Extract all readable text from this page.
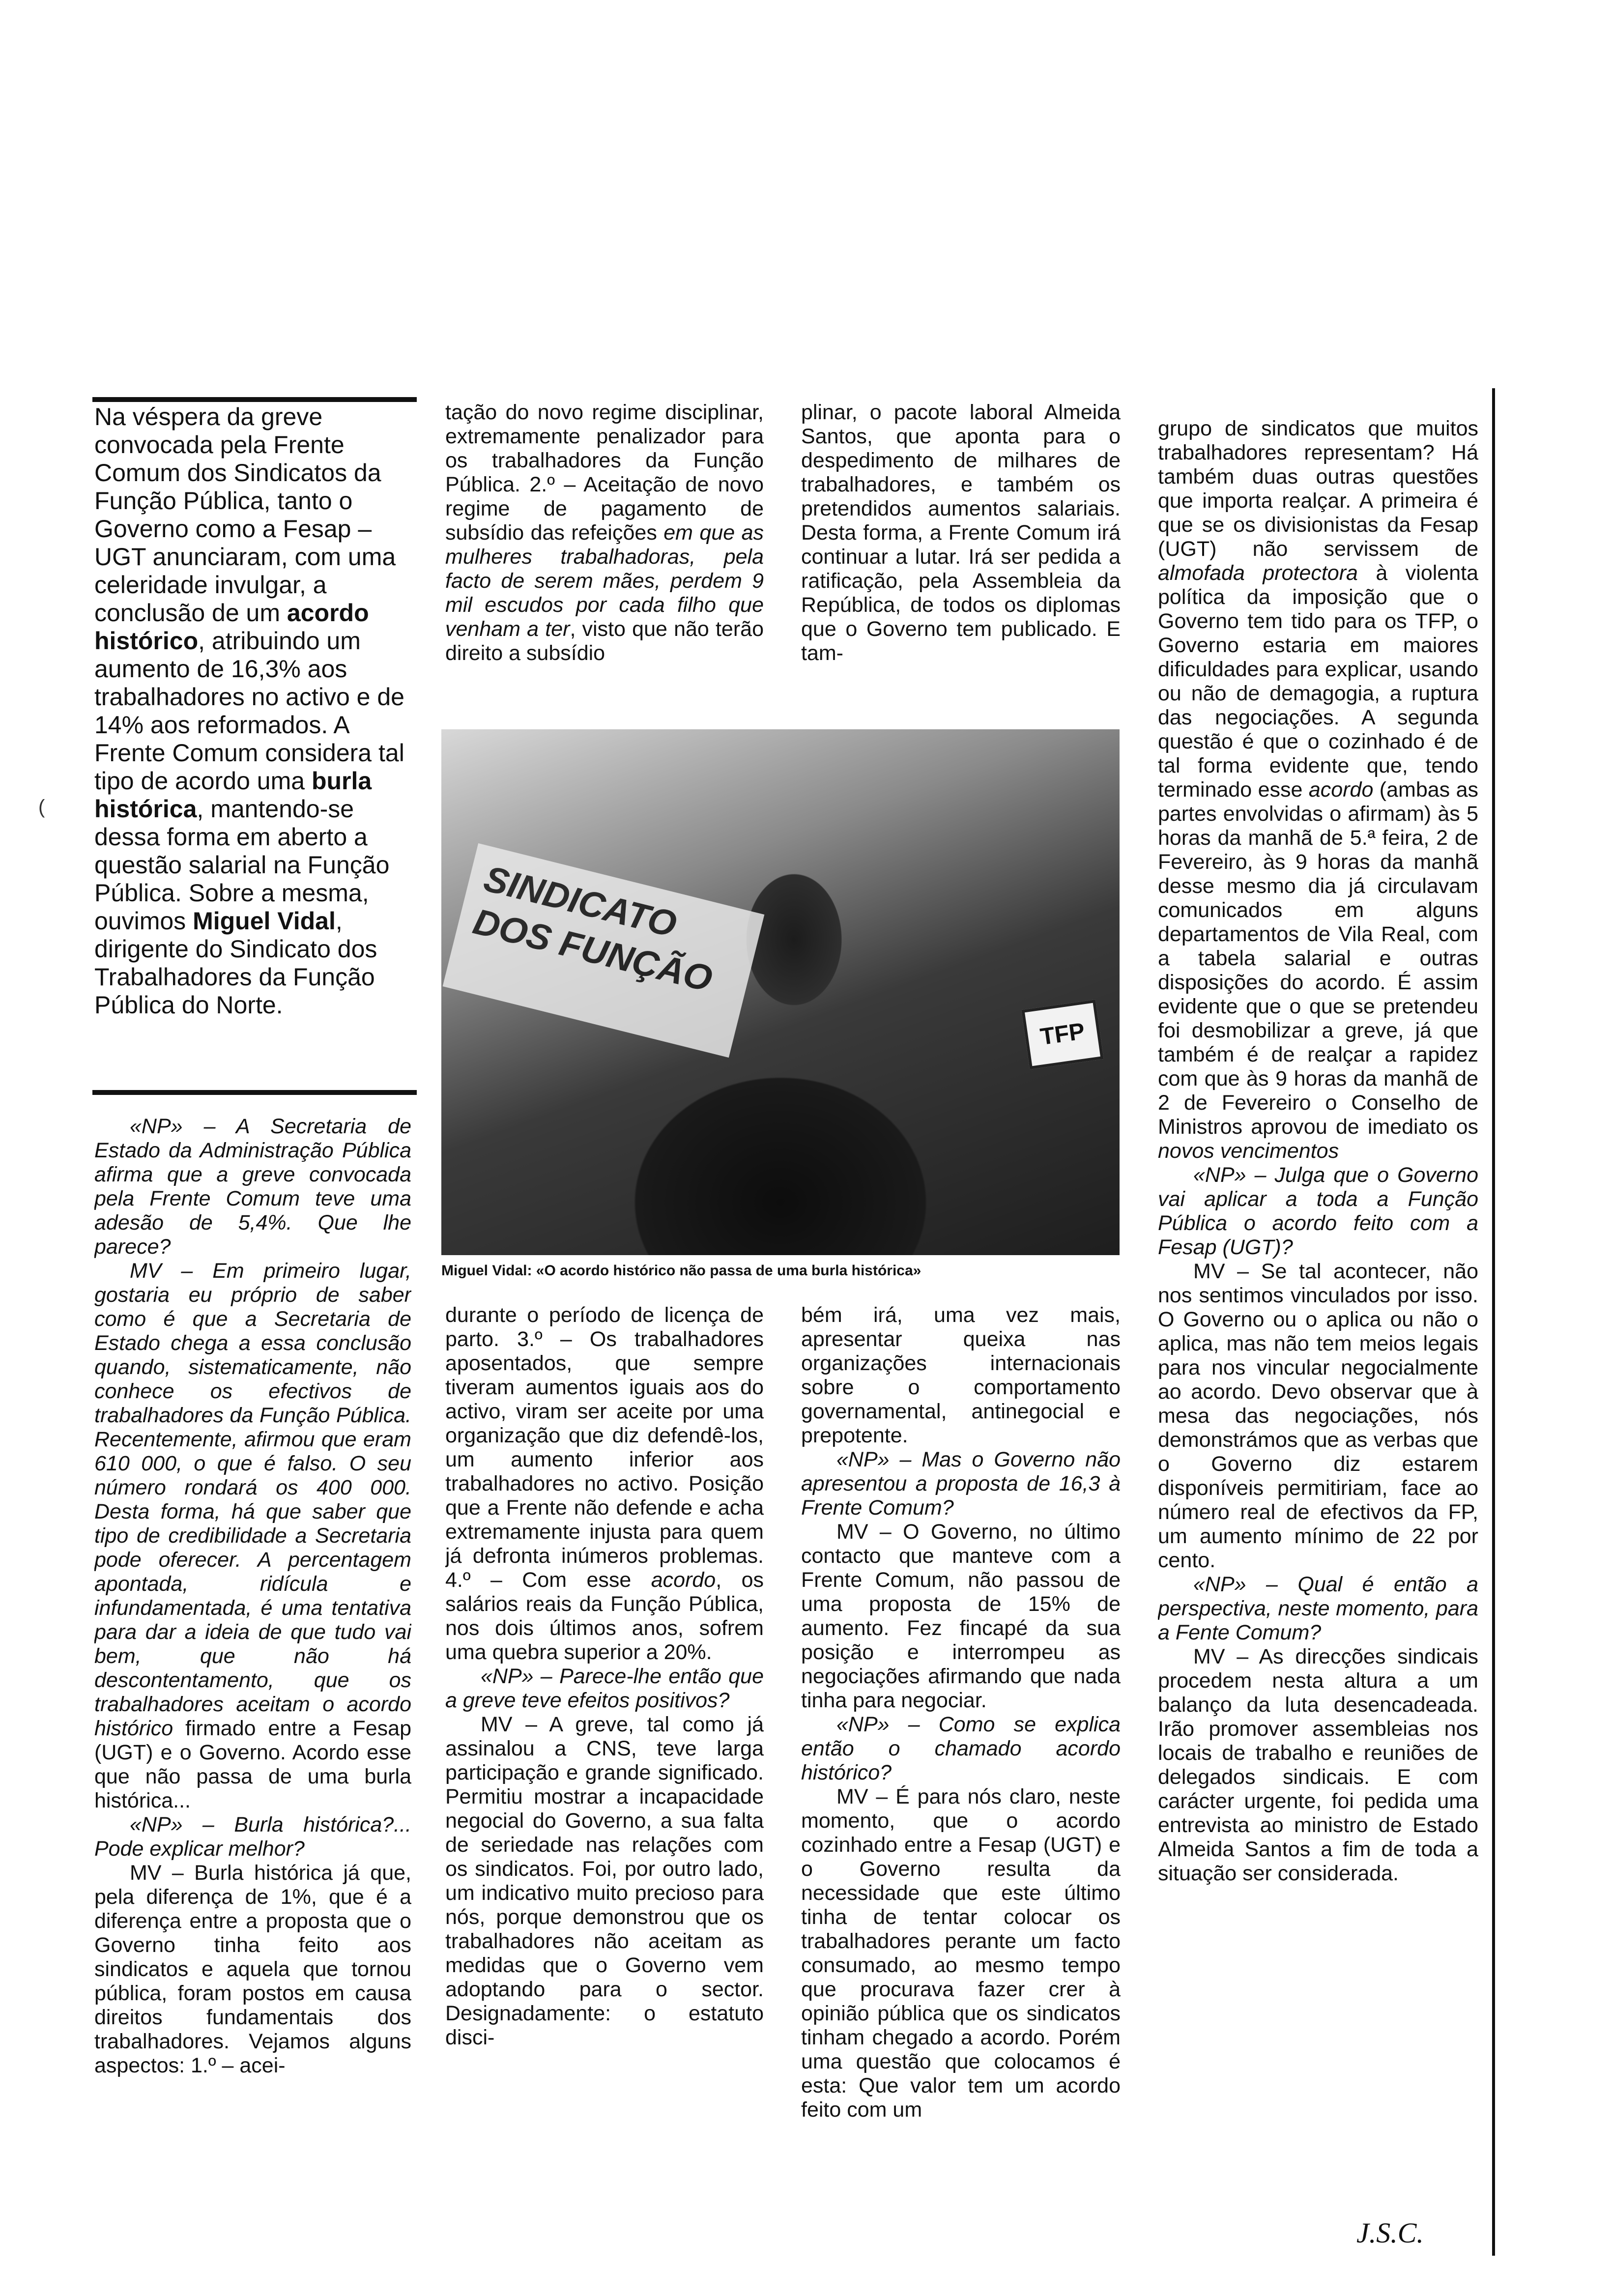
Na véspera da greve convocada pela Frente Comum dos Sindicatos da Função Pública, tanto o Governo como a Fesap – UGT anunciaram, com uma celeridade invulgar, a conclusão de um acordo histórico, atribuindo um aumento de 16,3% aos trabalhadores no activo e de 14% aos reformados. A Frente Comum considera tal tipo de acordo uma burla histórica, mantendo-se dessa forma em aberto a questão salarial na Função Pública. Sobre a mesma, ouvimos Miguel Vidal, dirigente do Sindicato dos Trabalhadores da Função Pública do Norte.

«NP» – A Secretaria de Estado da Administração Pública afirma que a greve convocada pela Frente Comum teve uma adesão de 5,4%. Que lhe parece?

MV – Em primeiro lugar, gostaria eu próprio de saber como é que a Secretaria de Estado chega a essa conclusão quando, sistematicamente, não conhece os efectivos de trabalhadores da Função Pública. Recentemente, afirmou que eram 610 000, o que é falso. O seu número rondará os 400 000. Desta forma, há que saber que tipo de credibilidade a Secretaria pode oferecer. A percentagem apontada, ridícula e infundamentada, é uma tentativa para dar a ideia de que tudo vai bem, que não há descontentamento, que os trabalhadores aceitam o acordo histórico firmado entre a Fesap (UGT) e o Governo. Acordo esse que não passa de uma burla histórica...

«NP» – Burla histórica?... Pode explicar melhor?

MV – Burla histórica já que, pela diferença de 1%, que é a diferença entre a proposta que o Governo tinha feito aos sindicatos e aquela que tornou pública, foram postos em causa direitos fundamentais dos trabalhadores. Vejamos alguns aspectos: 1.º – acei-

tação do novo regime disciplinar, extremamente penalizador para os trabalhadores da Função Pública. 2.º – Aceitação de novo regime de pagamento de subsídio das refeições em que as mulheres trabalhadoras, pela facto de serem mães, perdem 9 mil escudos por cada filho que venham a ter, visto que não terão direito a subsídio

plinar, o pacote laboral Almeida Santos, que aponta para o despedimento de milhares de trabalhadores, e também os pretendidos aumentos salariais. Desta forma, a Frente Comum irá continuar a lutar. Irá ser pedida a ratificação, pela Assembleia da República, de todos os diplomas que o Governo tem publicado. E tam-

SINDICATO DOS FUNÇÃO
TFP
Miguel Vidal: «O acordo histórico não passa de uma burla histórica»

durante o período de licença de parto. 3.º – Os trabalhadores aposentados, que sempre tiveram aumentos iguais aos do activo, viram ser aceite por uma organização que diz defendê-los, um aumento inferior aos trabalhadores no activo. Posição que a Frente não defende e acha extremamente injusta para quem já defronta inúmeros problemas. 4.º – Com esse acordo, os salários reais da Função Pública, nos dois últimos anos, sofrem uma quebra superior a 20%.

«NP» – Parece-lhe então que a greve teve efeitos positivos?

MV – A greve, tal como já assinalou a CNS, teve larga participação e grande significado. Permitiu mostrar a incapacidade negocial do Governo, a sua falta de seriedade nas relações com os sindicatos. Foi, por outro lado, um indicativo muito precioso para nós, porque demonstrou que os trabalhadores não aceitam as medidas que o Governo vem adoptando para o sector. Designadamente: o estatuto disci-

bém irá, uma vez mais, apresentar queixa nas organizações internacionais sobre o comportamento governamental, antinegocial e prepotente.

«NP» – Mas o Governo não apresentou a proposta de 16,3 à Frente Comum?

MV – O Governo, no último contacto que manteve com a Frente Comum, não passou de uma proposta de 15% de aumento. Fez fincapé da sua posição e interrompeu as negociações afirmando que nada tinha para negociar.

«NP» – Como se explica então o chamado acordo histórico?

MV – É para nós claro, neste momento, que o acordo cozinhado entre a Fesap (UGT) e o Governo resulta da necessidade que este último tinha de tentar colocar os trabalhadores perante um facto consumado, ao mesmo tempo que procurava fazer crer à opinião pública que os sindicatos tinham chegado a acordo. Porém uma questão que colocamos é esta: Que valor tem um acordo feito com um

grupo de sindicatos que muitos trabalhadores representam? Há também duas outras questões que importa realçar. A primeira é que se os divisionistas da Fesap (UGT) não servissem de almofada protectora à violenta política da imposição que o Governo tem tido para os TFP, o Governo estaria em maiores dificuldades para explicar, usando ou não de demagogia, a ruptura das negociações. A segunda questão é que o cozinhado é de tal forma evidente que, tendo terminado esse acordo (ambas as partes envolvidas o afirmam) às 5 horas da manhã de 5.ª feira, 2 de Fevereiro, às 9 horas da manhã desse mesmo dia já circulavam comunicados em alguns departamentos de Vila Real, com a tabela salarial e outras disposições do acordo. É assim evidente que o que se pretendeu foi desmobilizar a greve, já que também é de realçar a rapidez com que às 9 horas da manhã de 2 de Fevereiro o Conselho de Ministros aprovou de imediato os novos vencimentos

«NP» – Julga que o Governo vai aplicar a toda a Função Pública o acordo feito com a Fesap (UGT)?

MV – Se tal acontecer, não nos sentimos vinculados por isso. O Governo ou o aplica ou não o aplica, mas não tem meios legais para nos vincular negocialmente ao acordo. Devo observar que à mesa das negociações, nós demonstrámos que as verbas que o Governo diz estarem disponíveis permitiriam, face ao número real de efectivos da FP, um aumento mínimo de 22 por cento.

«NP» – Qual é então a perspectiva, neste momento, para a Fente Comum?

MV – As direcções sindicais procedem nesta altura a um balanço da luta desencadeada. Irão promover assembleias nos locais de trabalho e reuniões de delegados sindicais. E com carácter urgente, foi pedida uma entrevista ao ministro de Estado Almeida Santos a fim de toda a situação ser considerada.

J.S.C.
(
